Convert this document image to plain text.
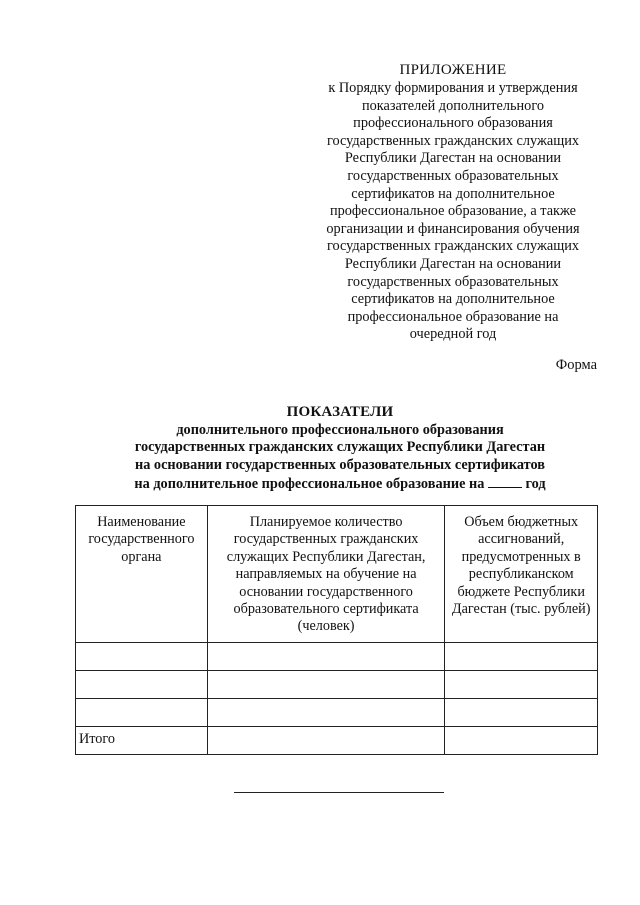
ПРИЛОЖЕНИЕ
к Порядку формирования и утверждения
показателей дополнительного
профессионального образования
государственных гражданских служащих
Республики Дагестан на основании
государственных образовательных
сертификатов на дополнительное
профессиональное образование, а также
организации и финансирования обучения
государственных гражданских служащих
Республики Дагестан на основании
государственных образовательных
сертификатов на дополнительное
профессиональное образование на
очередной год
Форма
ПОКАЗАТЕЛИ
дополнительного профессионального образования
государственных гражданских служащих Республики Дагестан
на основании государственных образовательных сертификатов
на дополнительное профессиональное образование на	год
Наименование государственного органа	Планируемое количество государственных гражданских служащих Республики Дагестан, направляемых на обучение на основании государственного образовательного сертификата (человек)	Объем бюджетных ассигнований, предусмотренных в республиканском бюджете Республики Дагестан (тыс. рублей)

Итого		
